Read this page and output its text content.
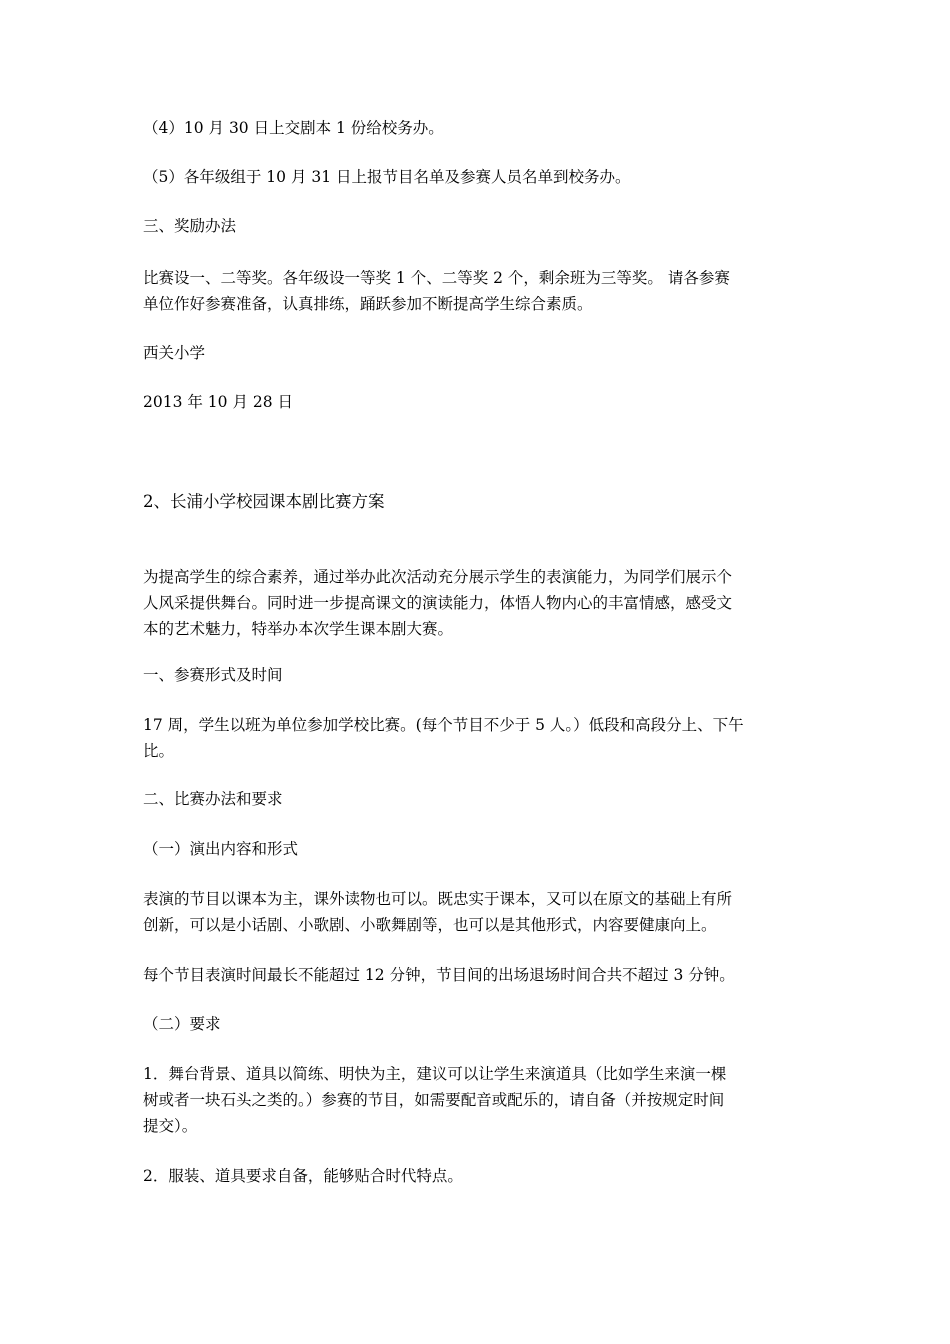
（4）10 月 30 日上交剧本 1 份给校务办。
（5）各年级组于 10 月 31 日上报节目名单及参赛人员名单到校务办。
三、奖励办法
比赛设一、二等奖。各年级设一等奖 1 个、二等奖 2 个，剩余班为三等奖。 请各参赛
单位作好参赛准备，认真排练，踊跃参加不断提高学生综合素质。
西关小学
2013 年 10 月 28 日
2、长浦小学校园课本剧比赛方案
为提高学生的综合素养，通过举办此次活动充分展示学生的表演能力，为同学们展示个
人风采提供舞台。同时进一步提高课文的演读能力，体悟人物内心的丰富情感，感受文
本的艺术魅力，特举办本次学生课本剧大赛。
一、参赛形式及时间
17 周，学生以班为单位参加学校比赛。(每个节目不少于 5 人。）低段和高段分上、下午
比。
二、比赛办法和要求
（一）演出内容和形式
表演的节目以课本为主，课外读物也可以。既忠实于课本，又可以在原文的基础上有所
创新，可以是小话剧、小歌剧、小歌舞剧等，也可以是其他形式，内容要健康向上。
每个节目表演时间最长不能超过 12 分钟，节目间的出场退场时间合共不超过 3 分钟。
（二）要求
1．舞台背景、道具以简练、明快为主，建议可以让学生来演道具（比如学生来演一棵
树或者一块石头之类的。）参赛的节目，如需要配音或配乐的，请自备（并按规定时间
提交）。
2．服装、道具要求自备，能够贴合时代特点。
